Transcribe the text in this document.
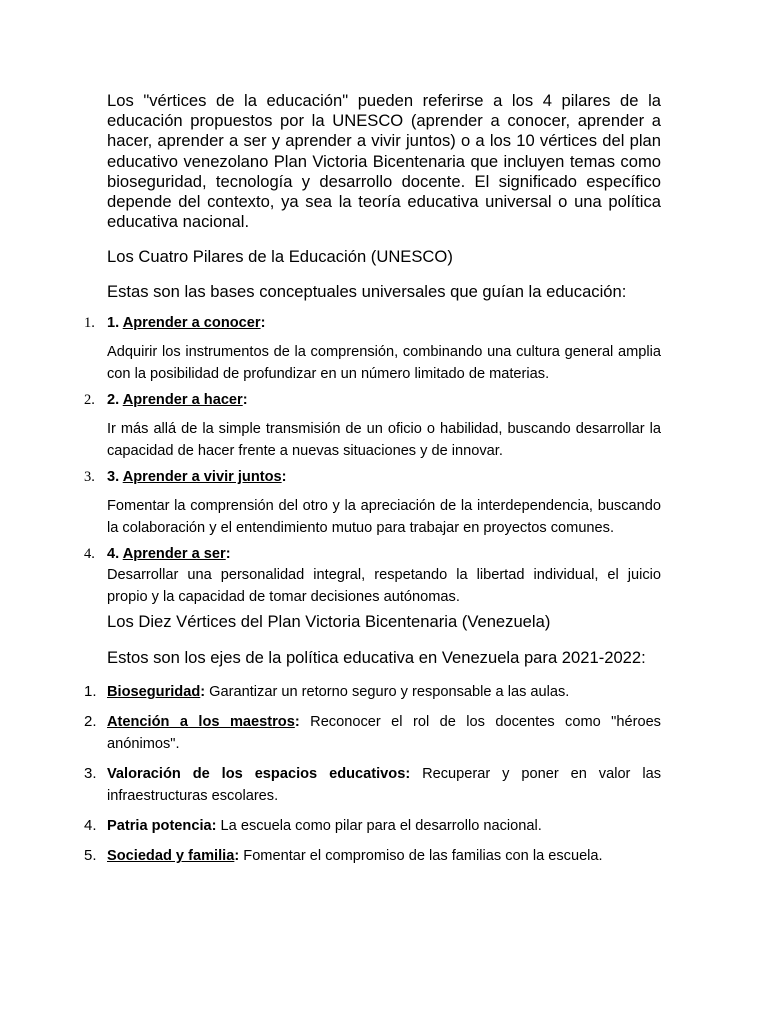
Los "vértices de la educación" pueden referirse a los 4 pilares de la educación propuestos por la UNESCO (aprender a conocer, aprender a hacer, aprender a ser y aprender a vivir juntos) o a los 10 vértices del plan educativo venezolano Plan Victoria Bicentenaria que incluyen temas como bioseguridad, tecnología y desarrollo docente. El significado específico depende del contexto, ya sea la teoría educativa universal o una política educativa nacional.

Los Cuatro Pilares de la Educación (UNESCO)

Estas son las bases conceptuales universales que guían la educación:

1. 1. Aprender a conocer:

Adquirir los instrumentos de la comprensión, combinando una cultura general amplia con la posibilidad de profundizar en un número limitado de materias.

2. 2. Aprender a hacer:

Ir más allá de la simple transmisión de un oficio o habilidad, buscando desarrollar la capacidad de hacer frente a nuevas situaciones y de innovar.

3. 3. Aprender a vivir juntos:

Fomentar la comprensión del otro y la apreciación de la interdependencia, buscando la colaboración y el entendimiento mutuo para trabajar en proyectos comunes.

4. 4. Aprender a ser:

Desarrollar una personalidad integral, respetando la libertad individual, el juicio propio y la capacidad de tomar decisiones autónomas.

Los Diez Vértices del Plan Victoria Bicentenaria (Venezuela)

Estos son los ejes de la política educativa en Venezuela para 2021-2022:

1. Bioseguridad: Garantizar un retorno seguro y responsable a las aulas.

2. Atención a los maestros: Reconocer el rol de los docentes como "héroes anónimos".

3. Valoración de los espacios educativos: Recuperar y poner en valor las infraestructuras escolares.

4. Patria potencia: La escuela como pilar para el desarrollo nacional.

5. Sociedad y familia: Fomentar el compromiso de las familias con la escuela.
